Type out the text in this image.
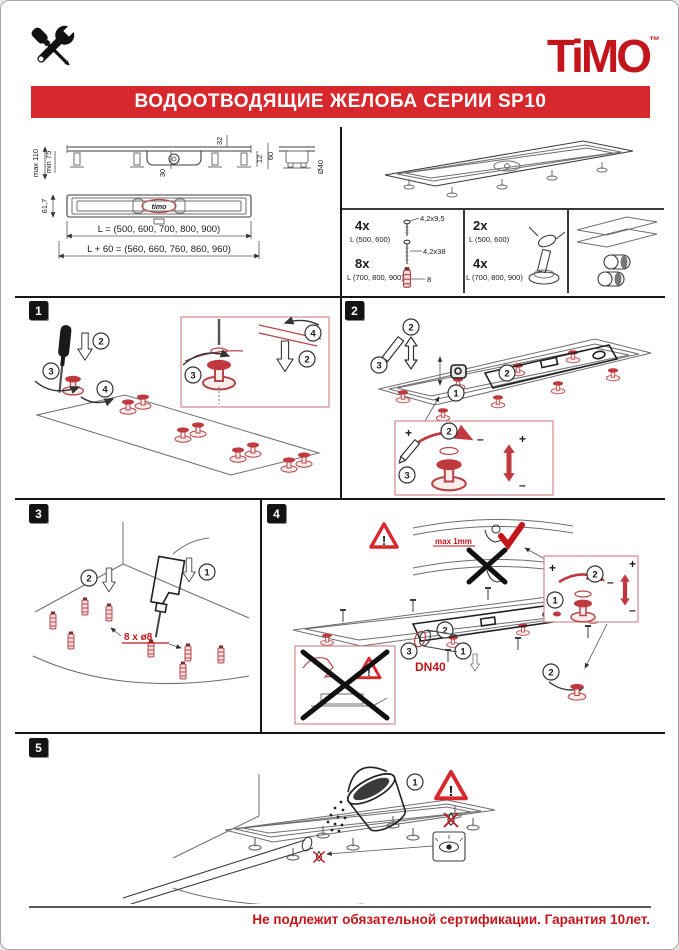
TiMO™
ВОДООТВОДЯЩИЕ ЖЕЛОБА СЕРИИ SP10
max 110 min 75
32
30
12 60
Ø40
timo
61,7
L = (500, 600, 700, 800, 900)
L + 60 = (560, 660, 760, 860, 960)
4x
L (500, 600)
8x
L (700, 800, 900)
4,2x9,5
4,2x38
8
2x
L (500, 600)
4x
L (700, 800, 900)
1	2
3	4
5
2
3
4
3
4
2
2
1
2
3
+	–
2
3
+
–
1
2
8 x ø8
max 1mm
2
1
3
DN40
+
–
2
1
+
–
2
1
Не подлежит обязательной сертификации. Гарантия 10лет.
